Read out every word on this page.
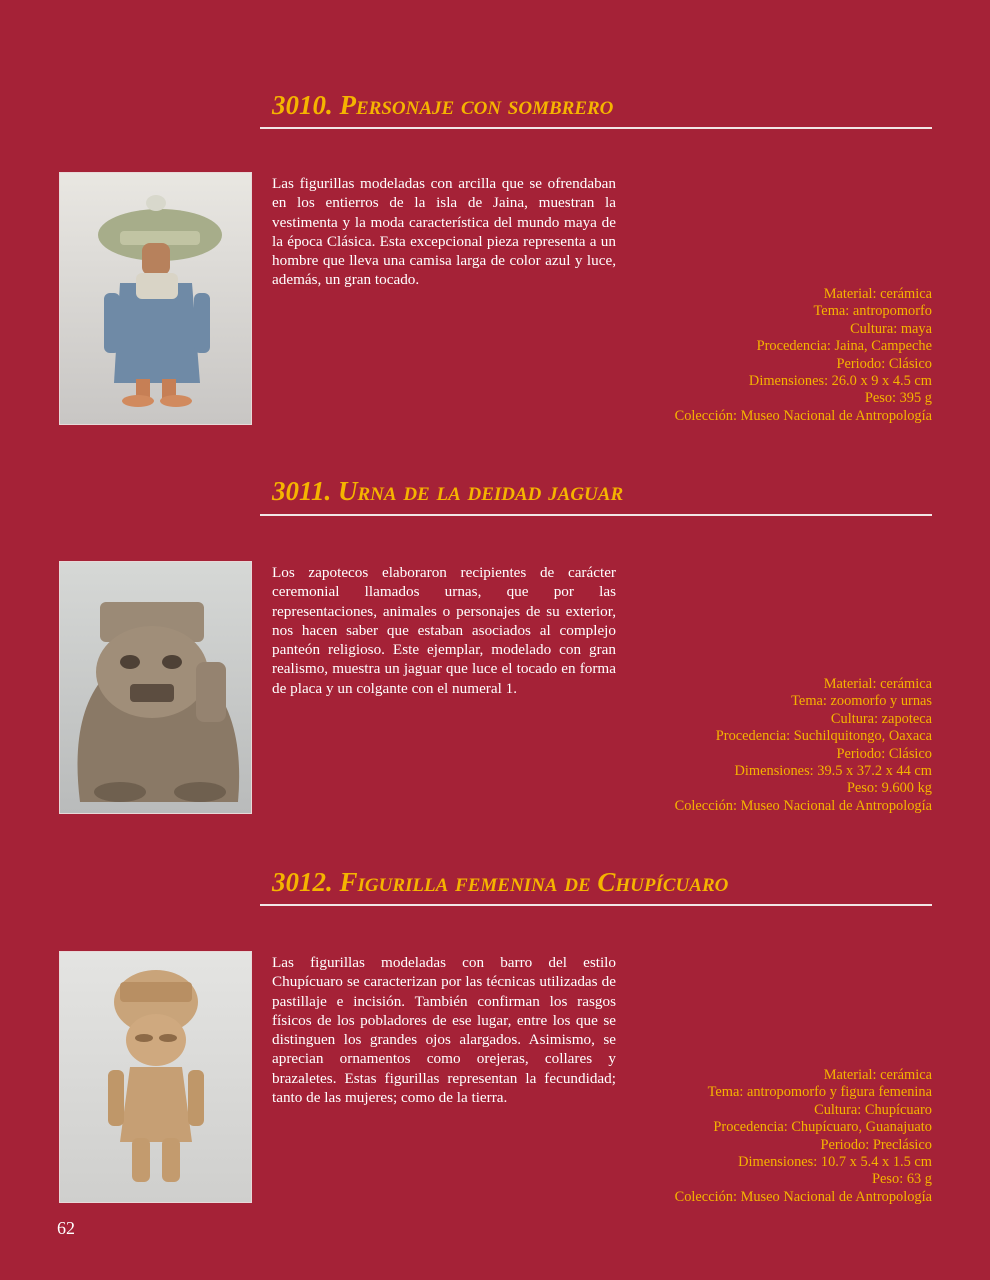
3010. Personaje con sombrero

Las figurillas modeladas con arcilla que se ofrendaban en los entierros de la isla de Jaina, muestran la vestimenta y la moda característica del mundo maya de la época Clásica. Esta excepcional pieza representa a un hombre que lleva una camisa larga de color azul y luce, además, un gran tocado.

Material: cerámica
Tema: antropomorfo
Cultura: maya
Procedencia: Jaina, Campeche
Periodo: Clásico
Dimensiones: 26.0 x 9 x 4.5 cm
Peso: 395 g
Colección: Museo Nacional de Antropología
3011. Urna de la deidad jaguar

Los zapotecos elaboraron recipientes de carácter ceremonial llamados urnas, que por las representaciones, animales o personajes de su exterior, nos hacen saber que estaban asociados al complejo panteón religioso. Este ejemplar, modelado con gran realismo, muestra un jaguar que luce el tocado en forma de placa y un colgante con el numeral 1.	Material: cerámica
Tema: zoomorfo y urnas
Cultura: zapoteca
Procedencia: Suchilquitongo, Oaxaca
Periodo: Clásico
Dimensiones: 39.5 x 37.2 x 44 cm
Peso: 9.600 kg
Colección: Museo Nacional de Antropología
3012. Figurilla femenina de Chupícuaro

Las figurillas modeladas con barro del estilo Chupícuaro se caracterizan por las técnicas utilizadas de pastillaje e incisión. También confirman los rasgos físicos de los pobladores de ese lugar, entre los que se distinguen los grandes ojos alargados. Asimismo, se aprecian ornamentos como orejeras, collares y brazaletes. Estas figurillas representan la fecundidad; tanto de las mujeres; como de la tierra.

Material: cerámica
Tema: antropomorfo y figura femenina
Cultura: Chupícuaro
Procedencia: Chupícuaro, Guanajuato
Periodo: Preclásico
Dimensiones: 10.7 x 5.4 x 1.5 cm
Peso: 63 g
Colección: Museo Nacional de Antropología
62
